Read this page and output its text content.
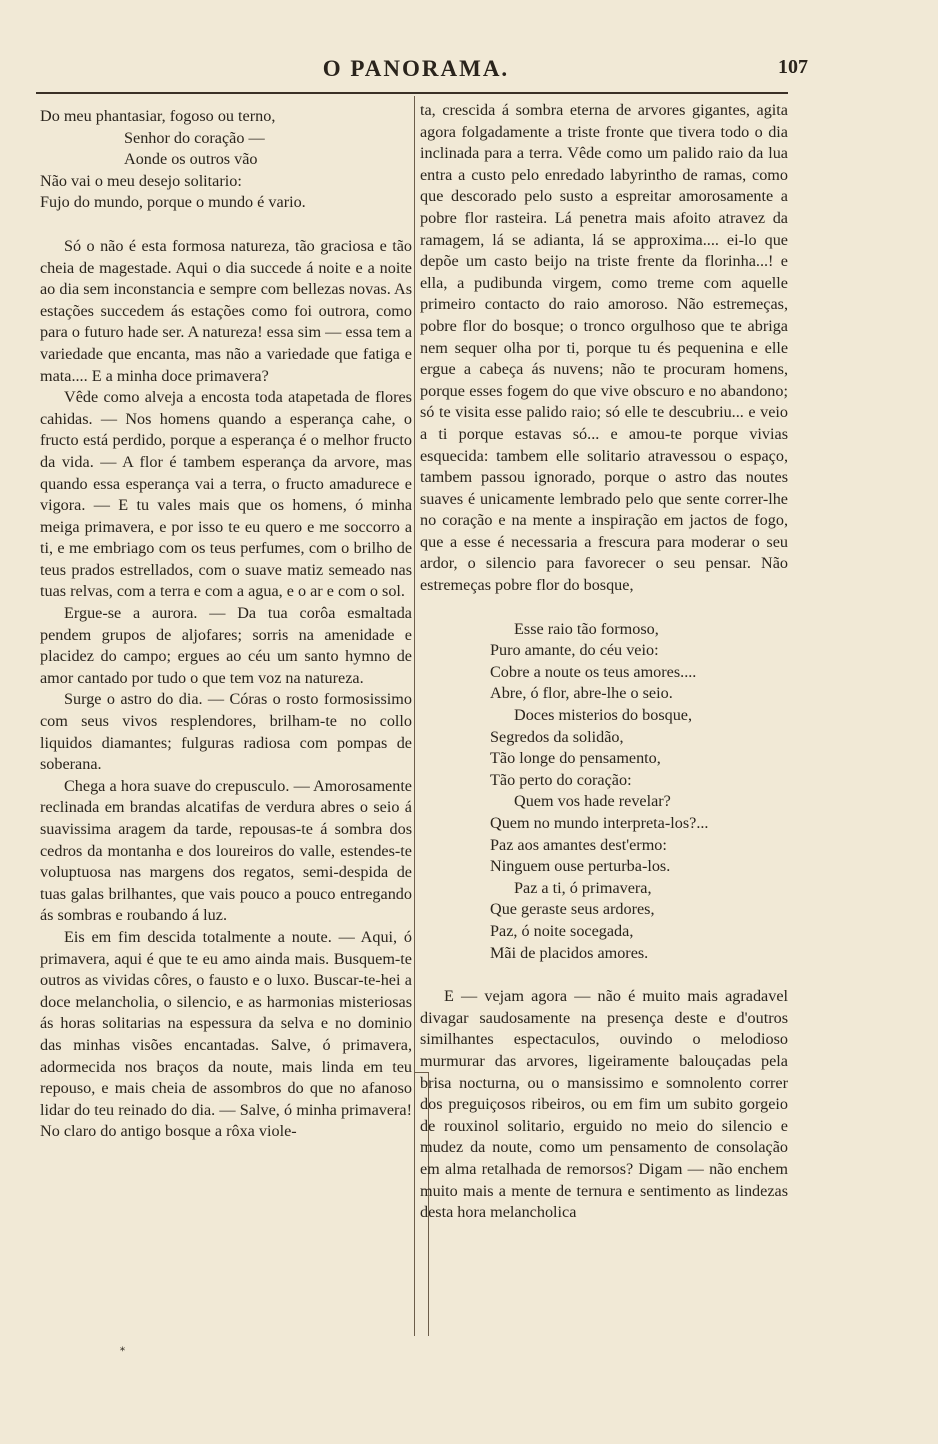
O PANORAMA.	107
Do meu phantasiar, fogoso ou terno,
Senhor do coração —
Aonde os outros vão
Não vai o meu desejo solitario:
Fujo do mundo, porque o mundo é vario.

Só o não é esta formosa natureza, tão graciosa e tão cheia de magestade. Aqui o dia succede á noite e a noite ao dia sem inconstancia e sempre com bellezas novas. As estações succedem ás estações como foi outrora, como para o futuro hade ser. A natureza! essa sim — essa tem a variedade que encanta, mas não a variedade que fatiga e mata.... E a minha doce primavera?

Vêde como alveja a encosta toda atapetada de flores cahidas. — Nos homens quando a esperança cahe, o fructo está perdido, porque a esperança é o melhor fructo da vida. — A flor é tambem esperança da arvore, mas quando essa esperança vai a terra, o fructo amadurece e vigora. — E tu vales mais que os homens, ó minha meiga primavera, e por isso te eu quero e me soccorro a ti, e me embriago com os teus perfumes, com o brilho de teus prados estrellados, com o suave matiz semeado nas tuas relvas, com a terra e com a agua, e o ar e com o sol.

Ergue-se a aurora. — Da tua corôa esmaltada pendem grupos de aljofares; sorris na amenidade e placidez do campo; ergues ao céu um santo hymno de amor cantado por tudo o que tem voz na natureza.

Surge o astro do dia. — Córas o rosto formosissimo com seus vivos resplendores, brilham-te no collo liquidos diamantes; fulguras radiosa com pompas de soberana.

Chega a hora suave do crepusculo. — Amorosamente reclinada em brandas alcatifas de verdura abres o seio á suavissima aragem da tarde, repousas-te á sombra dos cedros da montanha e dos loureiros do valle, estendes-te voluptuosa nas margens dos regatos, semi-despida de tuas galas brilhantes, que vais pouco a pouco entregando ás sombras e roubando á luz.

Eis em fim descida totalmente a noute. — Aqui, ó primavera, aqui é que te eu amo ainda mais. Busquem-te outros as vividas côres, o fausto e o luxo. Buscar-te-hei a doce melancholia, o silencio, e as harmonias misteriosas ás horas solitarias na espessura da selva e no dominio das minhas visões encantadas. Salve, ó primavera, adormecida nos braços da noute, mais linda em teu repouso, e mais cheia de assombros do que no afanoso lidar do teu reinado do dia. — Salve, ó minha primavera! No claro do antigo bosque a rôxa viole-

ta, crescida á sombra eterna de arvores gigantes, agita agora folgadamente a triste fronte que tivera todo o dia inclinada para a terra. Vêde como um palido raio da lua entra a custo pelo enredado labyrintho de ramas, como que descorado pelo susto a espreitar amorosamente a pobre flor rasteira. Lá penetra mais afoito atravez da ramagem, lá se adianta, lá se approxima.... ei-lo que depõe um casto beijo na triste frente da florinha...! e ella, a pudibunda virgem, como treme com aquelle primeiro contacto do raio amoroso. Não estremeças, pobre flor do bosque; o tronco orgulhoso que te abriga nem sequer olha por ti, porque tu és pequenina e elle ergue a cabeça ás nuvens; não te procuram homens, porque esses fogem do que vive obscuro e no abandono; só te visita esse palido raio; só elle te descubriu... e veio a ti porque estavas só... e amou-te porque vivias esquecida: tambem elle solitario atravessou o espaço, tambem passou ignorado, porque o astro das noutes suaves é unicamente lembrado pelo que sente correr-lhe no coração e na mente a inspiração em jactos de fogo, que a esse é necessaria a frescura para moderar o seu ardor, o silencio para favorecer o seu pensar. Não estremeças pobre flor do bosque,

Esse raio tão formoso,
Puro amante, do céu veio:
Cobre a noute os teus amores....
Abre, ó flor, abre-lhe o seio.
Doces misterios do bosque,
Segredos da solidão,
Tão longe do pensamento,
Tão perto do coração:
Quem vos hade revelar?
Quem no mundo interpreta-los?...
Paz aos amantes dest'ermo:
Ninguem ouse perturba-los.
Paz a ti, ó primavera,
Que geraste seus ardores,
Paz, ó noite socegada,
Mãi de placidos amores.

E — vejam agora — não é muito mais agradavel divagar saudosamente na presença deste e d'outros similhantes espectaculos, ouvindo o melodioso murmurar das arvores, ligeiramente balouçadas pela brisa nocturna, ou o mansissimo e somnolento correr dos preguiçosos ribeiros, ou em fim um subito gorgeio de rouxinol solitario, erguido no meio do silencio e mudez da noute, como um pensamento de consolação em alma retalhada de remorsos? Digam — não enchem muito mais a mente de ternura e sentimento as lindezas desta hora melancholica

*
